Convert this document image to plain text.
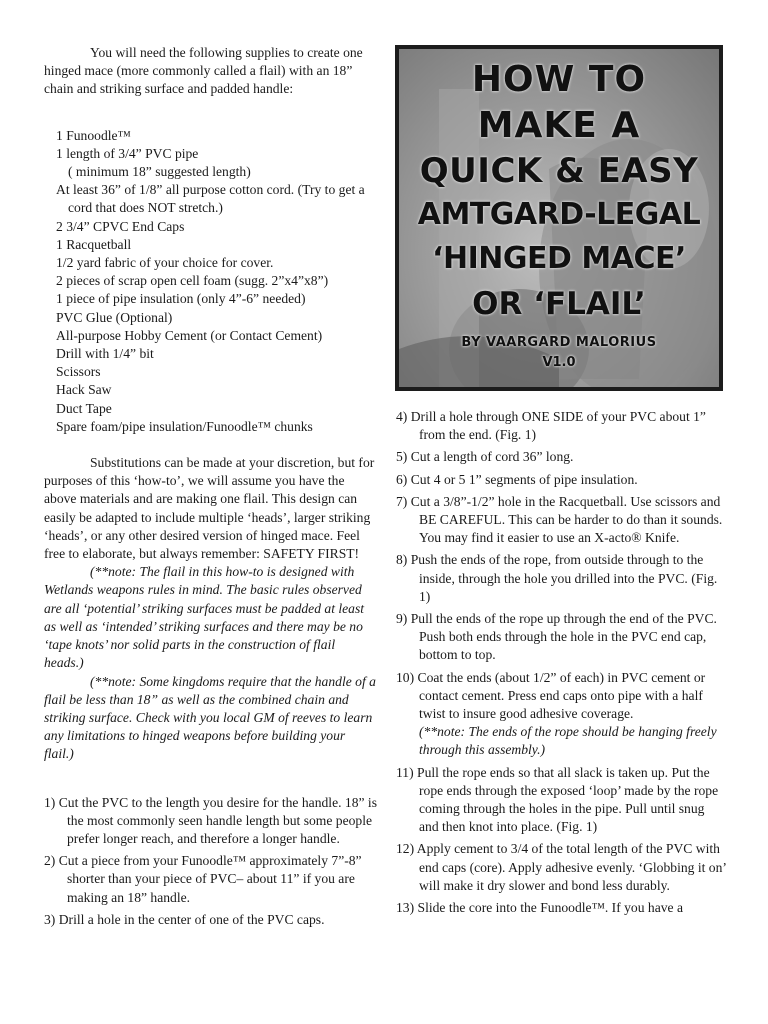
HOW TO
MAKE A
QUICK & EASY
AMTGARD-LEGAL
‘HINGED MACE’
OR ‘FLAIL’
BY VAARGARD MALORIUS
V1.0

You will need the following supplies to create one hinged mace (more commonly called a flail) with an 18” chain and striking surface and padded handle:

1 Funoodle™
1 length of 3/4” PVC pipe
( minimum 18” suggested length)
At least 36” of 1/8” all purpose cotton cord. (Try to get a cord that does NOT stretch.)
2 3/4” CPVC End Caps
1 Racquetball
1/2 yard fabric of your choice for cover.
2 pieces of scrap open cell foam (sugg. 2”x4”x8”)
1 piece of pipe insulation (only 4”-6” needed)
PVC Glue (Optional)
All-purpose Hobby Cement (or Contact Cement)
Drill with 1/4” bit
Scissors
Hack Saw
Duct Tape
Spare foam/pipe insulation/Funoodle™ chunks

Substitutions can be made at your discretion, but for purposes of this ‘how-to’, we will assume you have the above materials and are making one flail. This design can easily be adapted to include multiple ‘heads’, larger striking ‘heads’, or any other desired version of hinged mace. Feel free to elaborate, but always remember: SAFETY FIRST!

(**note: The flail in this how-to is designed with Wetlands weapons rules in mind. The basic rules observed are all ‘potential’ striking surfaces must be padded at least as well as ‘intended’ striking surfaces and there may be no ‘tape knots’ nor solid parts in the construction of flail heads.)

(**note: Some kingdoms require that the handle of a flail be less than 18” as well as the combined chain and striking surface. Check with you local GM of reeves to learn any limitations to hinged weapons before building your flail.)

1) Cut the PVC to the length you desire for the handle. 18” is the most commonly seen handle length but some people prefer longer reach, and therefore a longer handle.
2) Cut a piece from your Funoodle™ approximately 7”-8” shorter than your piece of PVC– about 11” if you are making an 18” handle.
3) Drill a hole in the center of one of the PVC caps.
4) Drill a hole through ONE SIDE of your PVC about 1” from the end. (Fig. 1)
5) Cut a length of cord 36” long.
6) Cut 4 or 5 1” segments of pipe insulation.
7) Cut a 3/8”-1/2” hole in the Racquetball. Use scissors and BE CAREFUL. This can be harder to do than it sounds. You may find it easier to use an X-acto® Knife.
8) Push the ends of the rope, from outside through to the inside, through the hole you drilled into the PVC. (Fig. 1)
9) Pull the ends of the rope up through the end of the PVC. Push both ends through the hole in the PVC end cap, bottom to top.
10) Coat the ends (about 1/2” of each) in PVC cement or contact cement. Press end caps onto pipe with a half twist to insure good adhesive coverage.
(**note: The ends of the rope should be hanging freely through this assembly.)
11) Pull the rope ends so that all slack is taken up. Put the rope ends through the exposed ‘loop’ made by the rope coming through the holes in the pipe. Pull until snug and then knot into place. (Fig. 1)
12) Apply cement to 3/4 of the total length of the PVC with end caps (core). Apply adhesive evenly. ‘Globbing it on’ will make it dry slower and bond less durably.
13) Slide the core into the Funoodle™. If you have a
